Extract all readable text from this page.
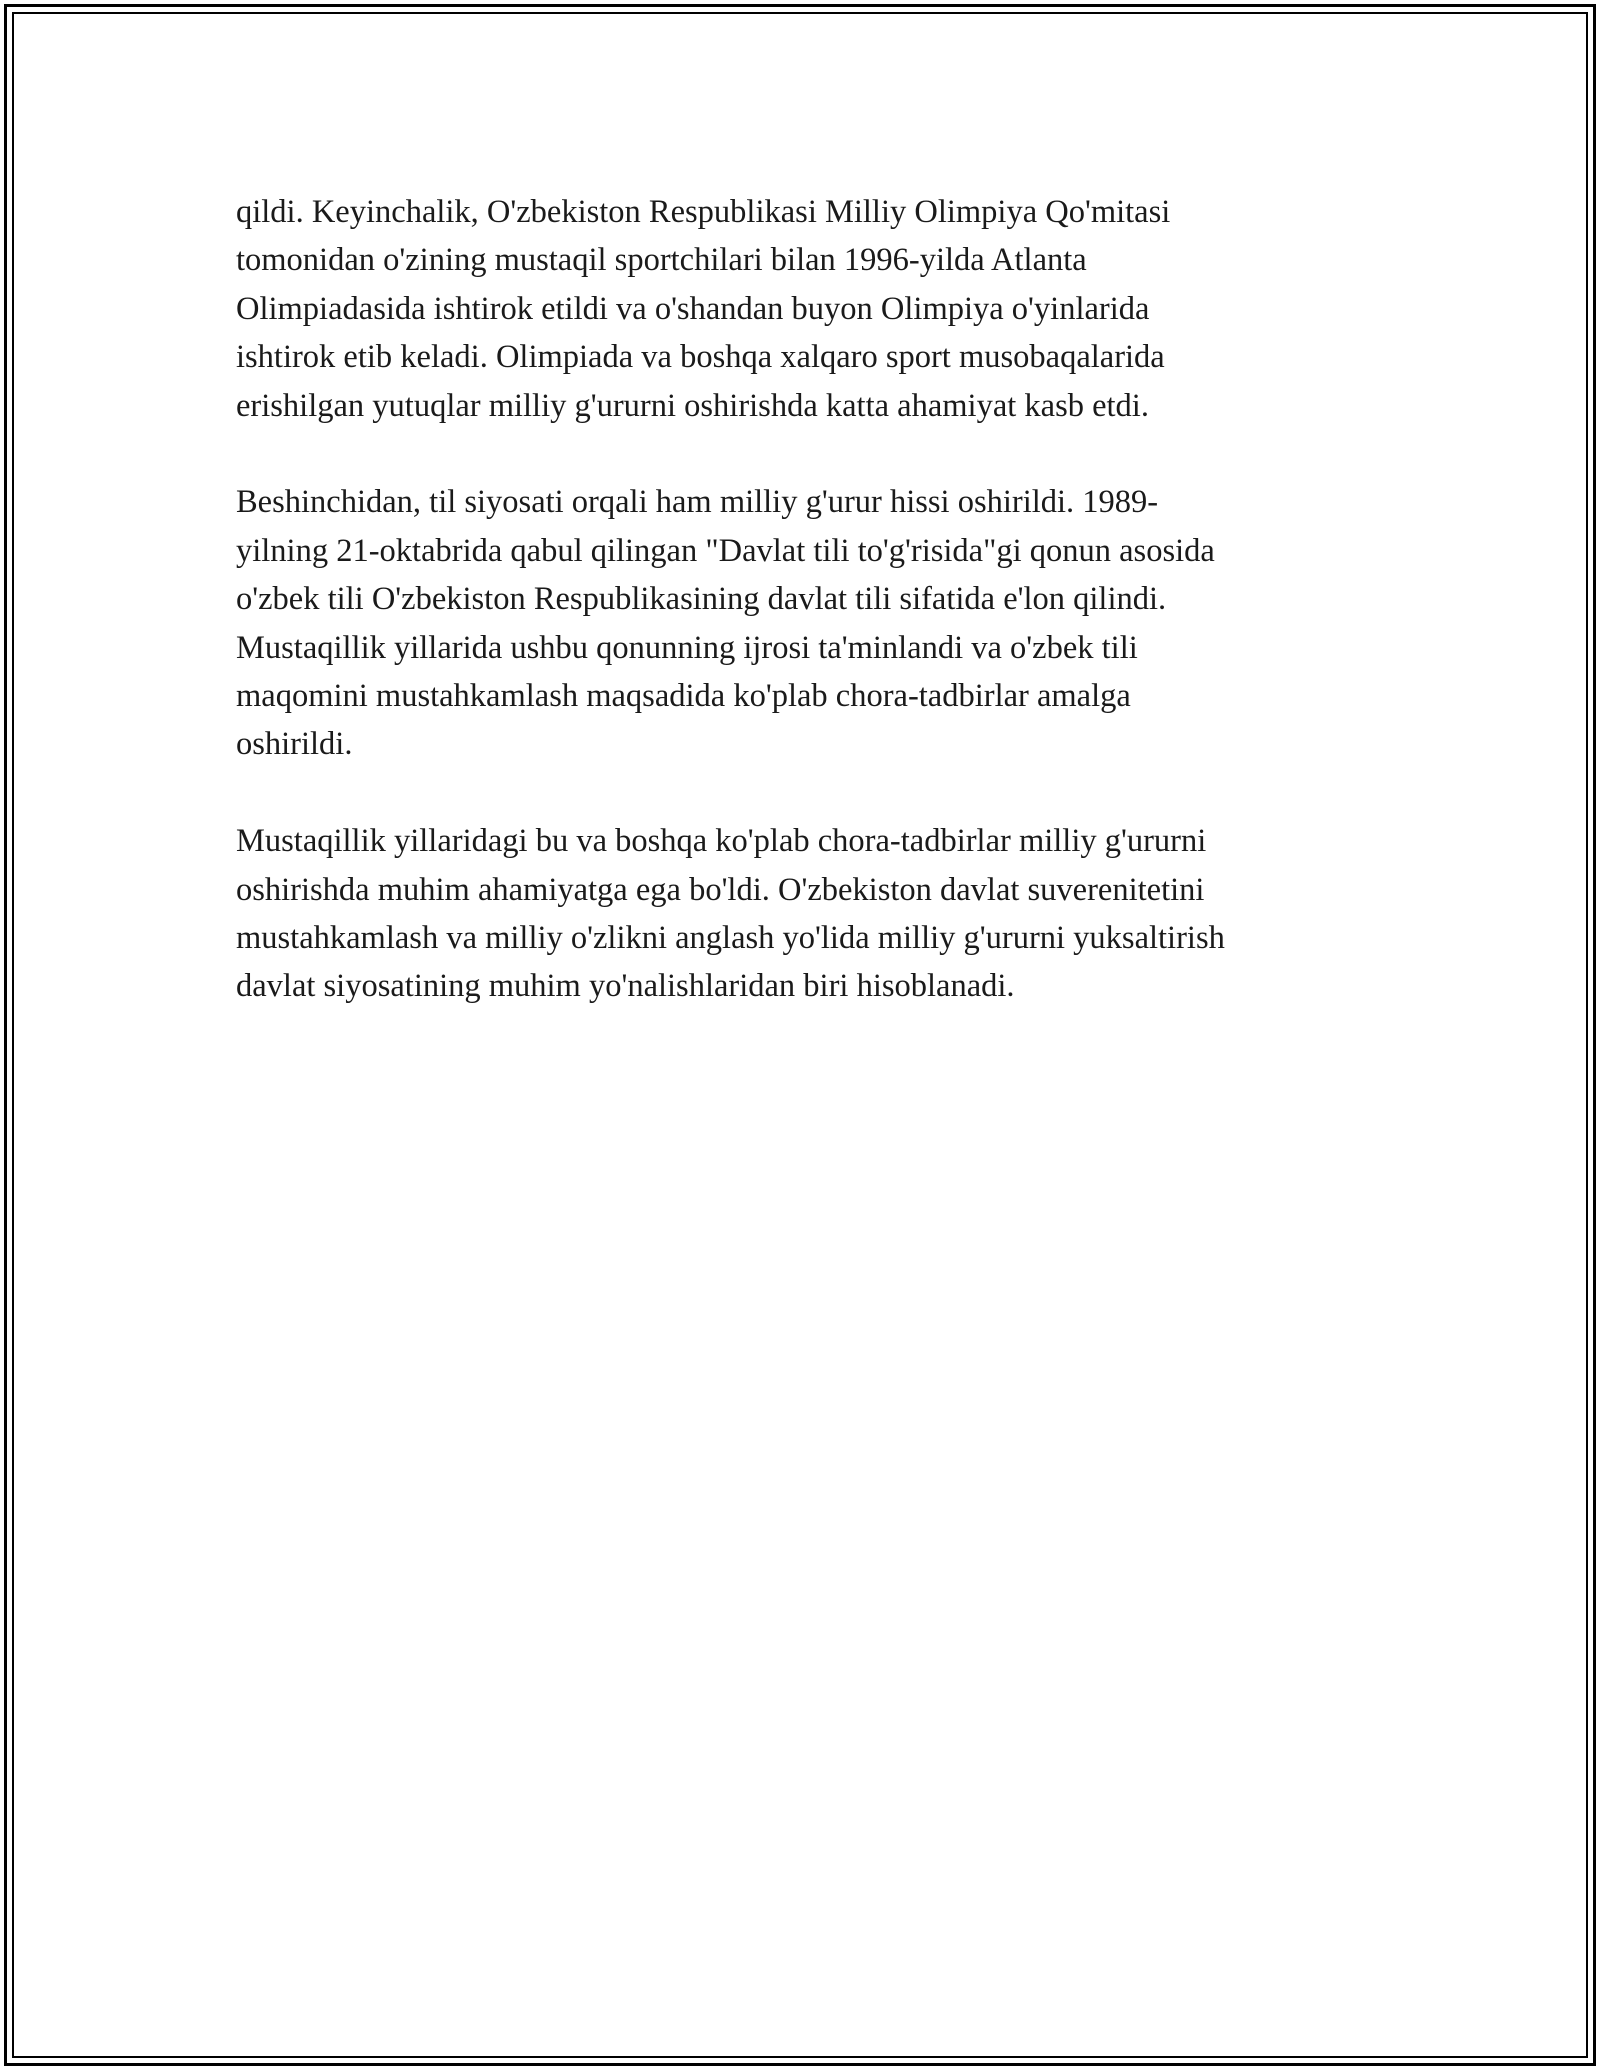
qildi. Keyinchalik, O'zbekiston Respublikasi Milliy Olimpiya Qo'mitasi
tomonidan o'zining mustaqil sportchilari bilan 1996-yilda Atlanta
Olimpiadasida ishtirok etildi va o'shandan buyon Olimpiya o'yinlarida
ishtirok etib keladi. Olimpiada va boshqa xalqaro sport musobaqalarida
erishilgan yutuqlar milliy g'ururni oshirishda katta ahamiyat kasb etdi.

Beshinchidan, til siyosati orqali ham milliy g'urur hissi oshirildi. 1989-
yilning 21-oktabrida qabul qilingan "Davlat tili to'g'risida"gi qonun asosida
o'zbek tili O'zbekiston Respublikasining davlat tili sifatida e'lon qilindi.
Mustaqillik yillarida ushbu qonunning ijrosi ta'minlandi va o'zbek tili
maqomini mustahkamlash maqsadida ko'plab chora-tadbirlar amalga
oshirildi.

Mustaqillik yillaridagi bu va boshqa ko'plab chora-tadbirlar milliy g'ururni
oshirishda muhim ahamiyatga ega bo'ldi. O'zbekiston davlat suverenitetini
mustahkamlash va milliy o'zlikni anglash yo'lida milliy g'ururni yuksaltirish
davlat siyosatining muhim yo'nalishlaridan biri hisoblanadi.
